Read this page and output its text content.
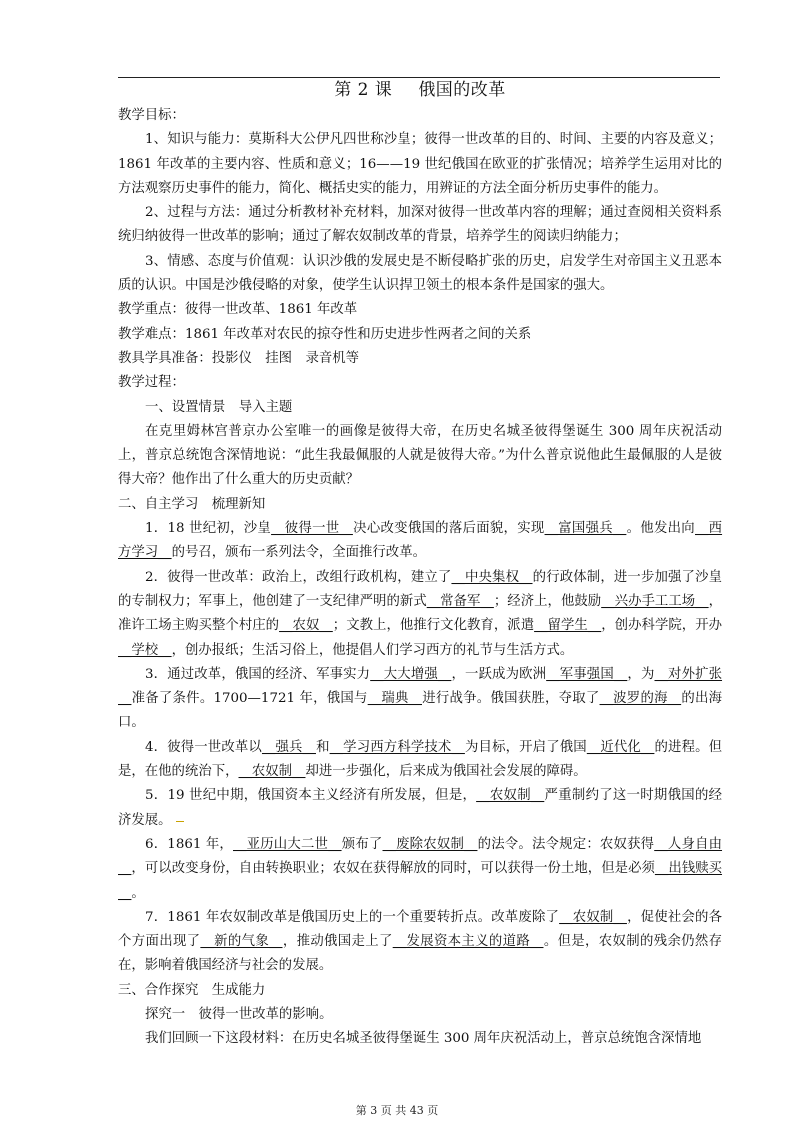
第 2 课 俄国的改革

教学目标：

1、知识与能力：莫斯科大公伊凡四世称沙皇；彼得一世改革的目的、时间、主要的内容及意义；1861 年改革的主要内容、性质和意义；16——19 世纪俄国在欧亚的扩张情况；培养学生运用对比的方法观察历史事件的能力，简化、概括史实的能力，用辨证的方法全面分析历史事件的能力。

2、过程与方法：通过分析教材补充材料，加深对彼得一世改革内容的理解；通过查阅相关资料系统归纳彼得一世改革的影响；通过了解农奴制改革的背景，培养学生的阅读归纳能力；

3、情感、态度与价值观：认识沙俄的发展史是不断侵略扩张的历史，启发学生对帝国主义丑恶本质的认识。中国是沙俄侵略的对象，使学生认识捍卫领土的根本条件是国家的强大。

教学重点：彼得一世改革、1861 年改革

教学难点：1861 年改革对农民的掠夺性和历史进步性两者之间的关系

教具学具准备：投影仪　挂图　录音机等

教学过程：

一、设置情景　导入主题

在克里姆林宫普京办公室唯一的画像是彼得大帝，在历史名城圣彼得堡诞生 300 周年庆祝活动上，普京总统饱含深情地说：“此生我最佩服的人就是彼得大帝。”为什么普京说他此生最佩服的人是彼得大帝？他作出了什么重大的历史贡献？

二、自主学习　梳理新知

1．18 世纪初，沙皇__彼得一世__决心改变俄国的落后面貌，实现__富国强兵__。他发出向__西方学习__的号召，颁布一系列法令，全面推行改革。

2．彼得一世改革：政治上，改组行政机构，建立了__中央集权__的行政体制，进一步加强了沙皇的专制权力；军事上，他创建了一支纪律严明的新式__常备军__；经济上，他鼓励__兴办手工工场__，准许工场主购买整个村庄的__农奴__；文教上，他推行文化教育，派遣__留学生__，创办科学院，开办__学校__，创办报纸；生活习俗上，他提倡人们学习西方的礼节与生活方式。

3．通过改革，俄国的经济、军事实力__大大增强__，一跃成为欧洲__军事强国__，为__对外扩张__准备了条件。1700—1721 年，俄国与__瑞典__进行战争。俄国获胜，夺取了__波罗的海__的出海口。

4．彼得一世改革以__强兵__和__学习西方科学技术__为目标，开启了俄国__近代化__的进程。但是，在他的统治下，__农奴制__却进一步强化，后来成为俄国社会发展的障碍。

5．19 世纪中期，俄国资本主义经济有所发展，但是，__农奴制__严重制约了这一时期俄国的经济发展。

6．1861 年，__亚历山大二世__颁布了__废除农奴制__的法令。法令规定：农奴获得__人身自由__，可以改变身份，自由转换职业；农奴在获得解放的同时，可以获得一份土地，但是必须__出钱赎买__。

7．1861 年农奴制改革是俄国历史上的一个重要转折点。改革废除了__农奴制__，促使社会的各个方面出现了__新的气象__，推动俄国走上了__发展资本主义的道路__。但是，农奴制的残余仍然存在，影响着俄国经济与社会的发展。

三、合作探究　生成能力

探究一　彼得一世改革的影响。

我们回顾一下这段材料：在历史名城圣彼得堡诞生 300 周年庆祝活动上，普京总统饱含深情地

第 3 页 共 43 页
